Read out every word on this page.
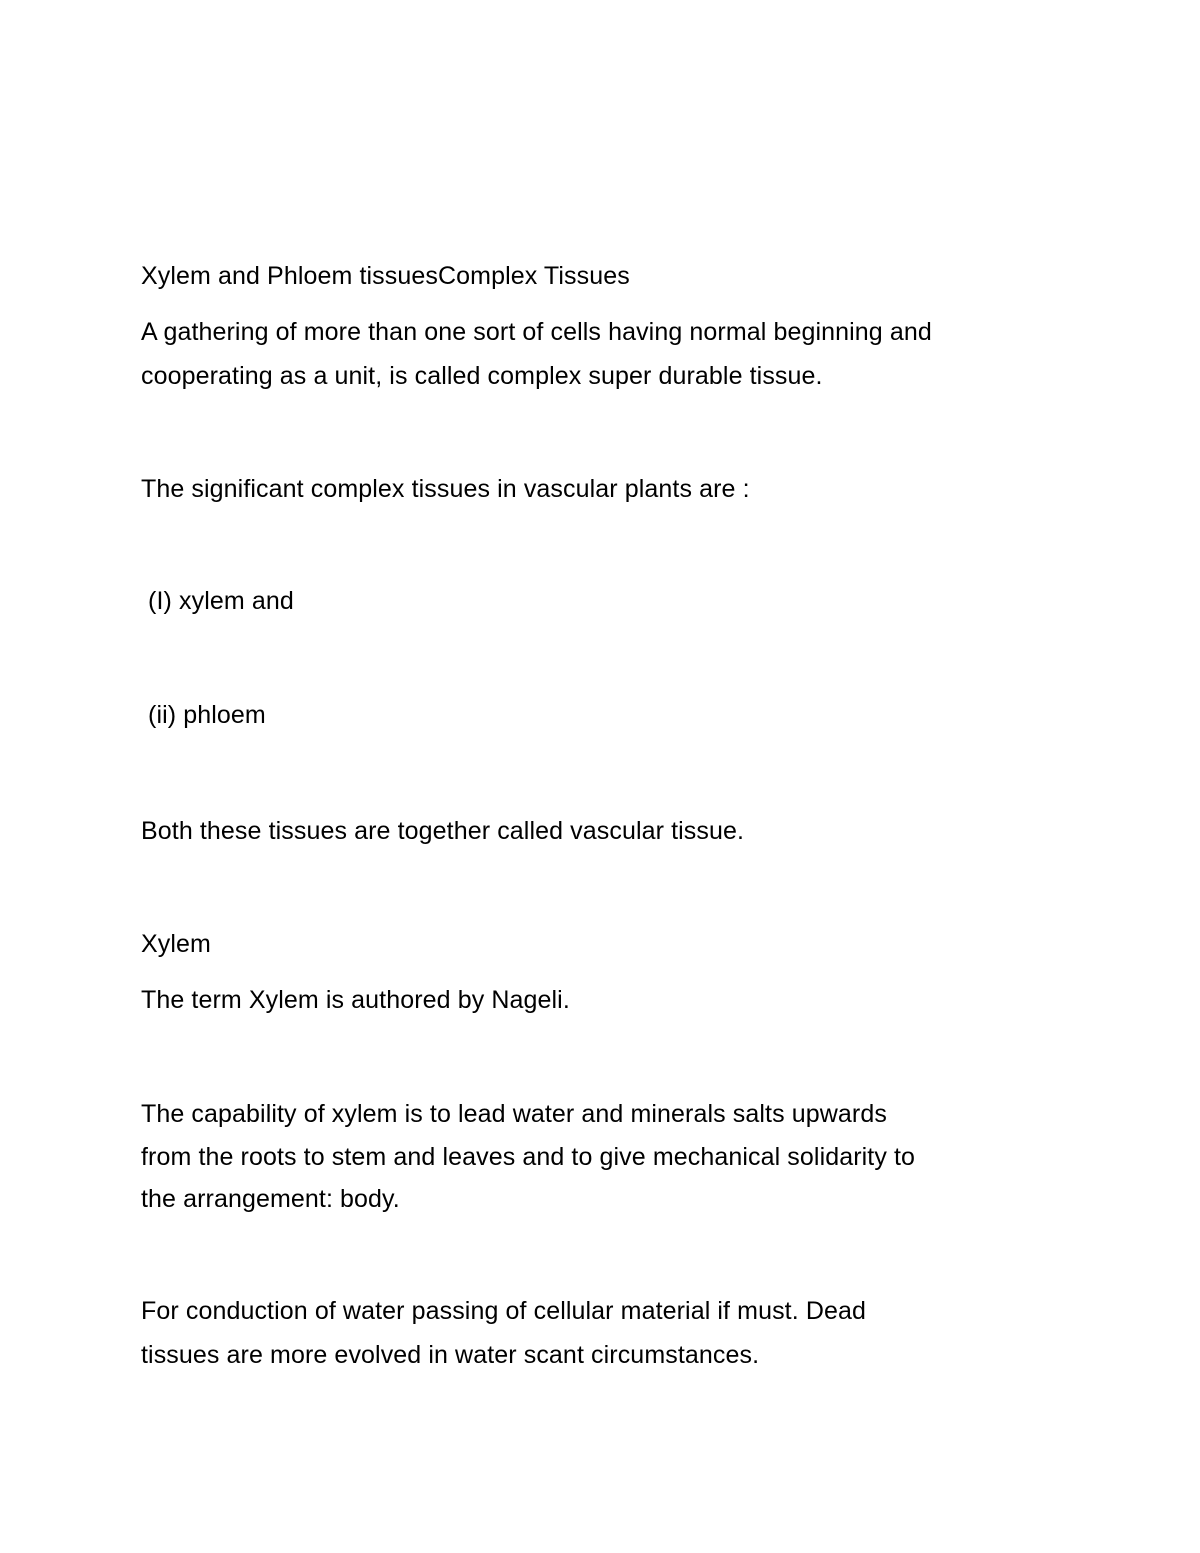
Xylem and Phloem tissuesComplex Tissues
A gathering of more than one sort of cells having normal beginning and
cooperating as a unit, is called complex super durable tissue.
The significant complex tissues in vascular plants are :
(I) xylem and
(ii) phloem
Both these tissues are together called vascular tissue.
Xylem
The term Xylem is authored by Nageli.
The capability of xylem is to lead water and minerals salts upwards
from the roots to stem and leaves and to give mechanical solidarity to
the arrangement: body.
For conduction of water passing of cellular material if must. Dead
tissues are more evolved in water scant circumstances.
